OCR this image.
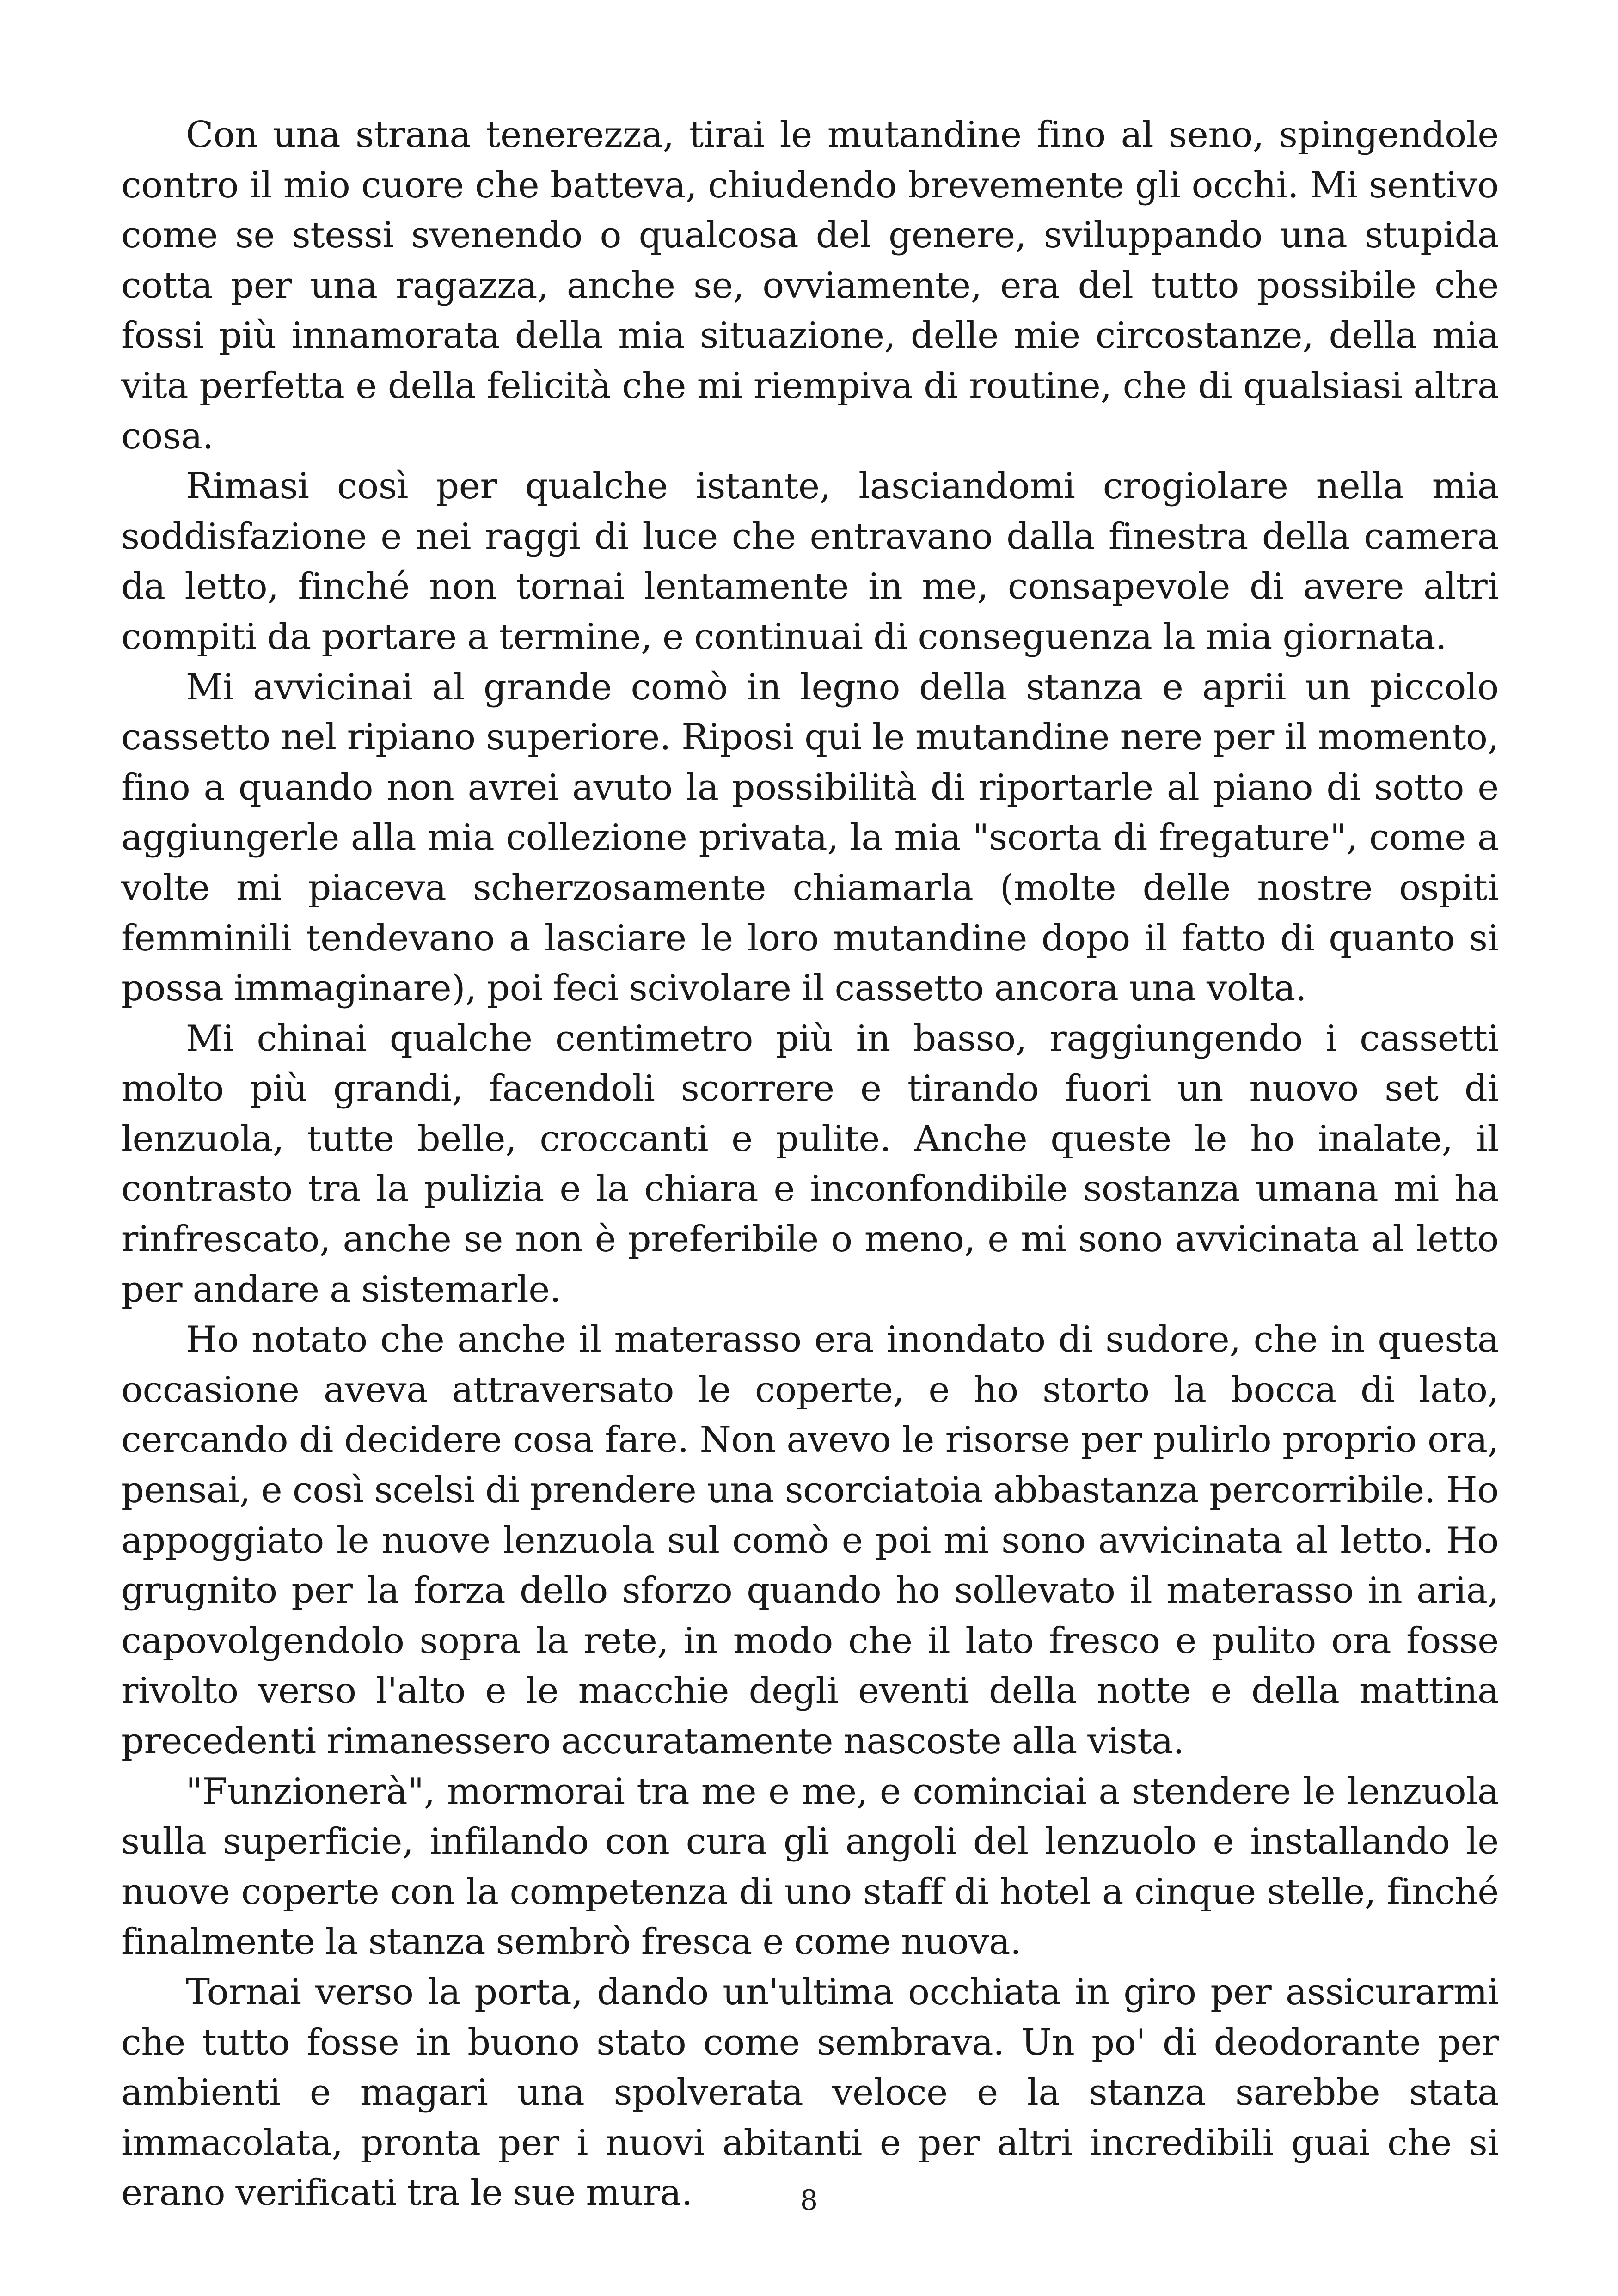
Con una strana tenerezza, tirai le mutandine fino al seno, spingendole contro il mio cuore che batteva, chiudendo brevemente gli occhi. Mi sentivo come se stessi svenendo o qualcosa del genere, sviluppando una stupida cotta per una ragazza, anche se, ovviamente, era del tutto possibile che fossi più innamorata della mia situazione, delle mie circostanze, della mia vita perfetta e della felicità che mi riempiva di routine, che di qualsiasi altra cosa.

Rimasi così per qualche istante, lasciandomi crogiolare nella mia soddisfazione e nei raggi di luce che entravano dalla finestra della camera da letto, finché non tornai lentamente in me, consapevole di avere altri compiti da portare a termine, e continuai di conseguenza la mia giornata.

Mi avvicinai al grande comò in legno della stanza e aprii un piccolo cassetto nel ripiano superiore. Riposi qui le mutandine nere per il momento, fino a quando non avrei avuto la possibilità di riportarle al piano di sotto e aggiungerle alla mia collezione privata, la mia "scorta di fregature", come a volte mi piaceva scherzosamente chiamarla (molte delle nostre ospiti femminili tendevano a lasciare le loro mutandine dopo il fatto di quanto si possa immaginare), poi feci scivolare il cassetto ancora una volta.

Mi chinai qualche centimetro più in basso, raggiungendo i cassetti molto più grandi, facendoli scorrere e tirando fuori un nuovo set di lenzuola, tutte belle, croccanti e pulite. Anche queste le ho inalate, il contrasto tra la pulizia e la chiara e inconfondibile sostanza umana mi ha rinfrescato, anche se non è preferibile o meno, e mi sono avvicinata al letto per andare a sistemarle.

Ho notato che anche il materasso era inondato di sudore, che in questa occasione aveva attraversato le coperte, e ho storto la bocca di lato, cercando di decidere cosa fare. Non avevo le risorse per pulirlo proprio ora, pensai, e così scelsi di prendere una scorciatoia abbastanza percorribile. Ho appoggiato le nuove lenzuola sul comò e poi mi sono avvicinata al letto. Ho grugnito per la forza dello sforzo quando ho sollevato il materasso in aria, capovolgendolo sopra la rete, in modo che il lato fresco e pulito ora fosse rivolto verso l'alto e le macchie degli eventi della notte e della mattina precedenti rimanessero accuratamente nascoste alla vista.

"Funzionerà", mormorai tra me e me, e cominciai a stendere le lenzuola sulla superficie, infilando con cura gli angoli del lenzuolo e installando le nuove coperte con la competenza di uno staff di hotel a cinque stelle, finché finalmente la stanza sembrò fresca e come nuova.

Tornai verso la porta, dando un'ultima occhiata in giro per assicurarmi che tutto fosse in buono stato come sembrava. Un po' di deodorante per ambienti e magari una spolverata veloce e la stanza sarebbe stata immacolata, pronta per i nuovi abitanti e per altri incredibili guai che si erano verificati tra le sue mura.	8
